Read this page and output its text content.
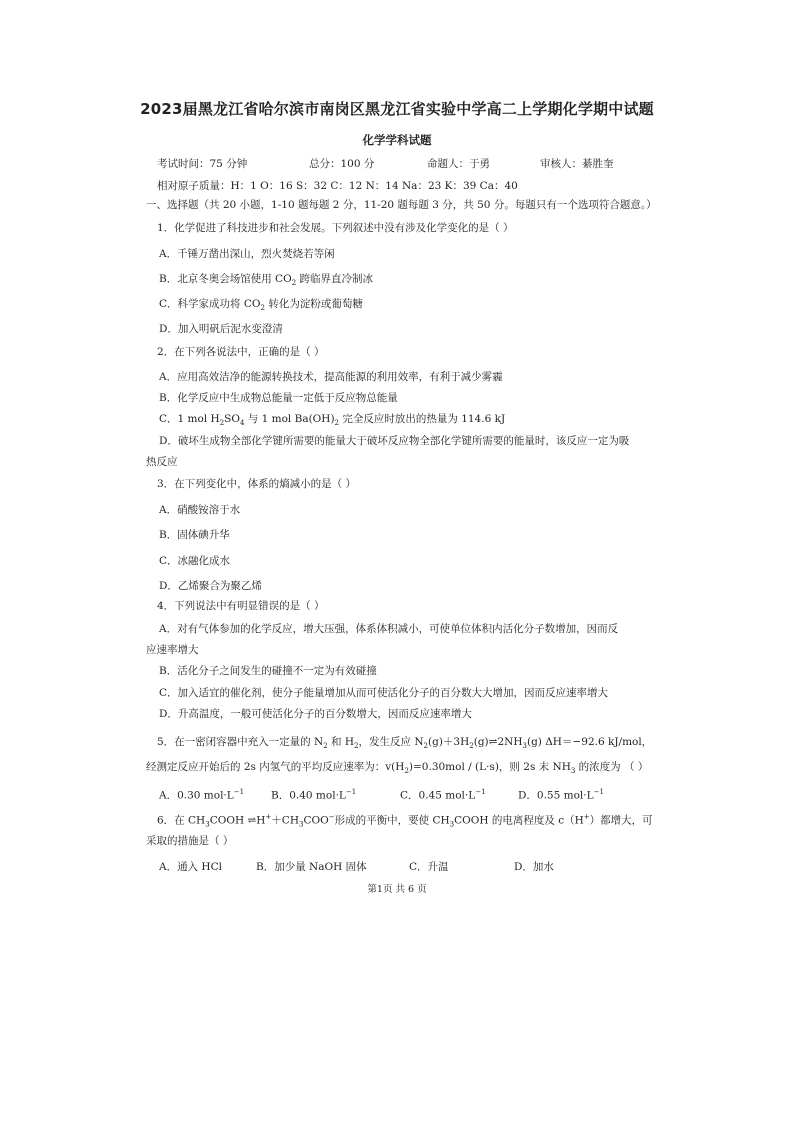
2023届黑龙江省哈尔滨市南岗区黑龙江省实验中学高二上学期化学期中试题
化学学科试题
考试时间：75 分钟	总分：100 分	命题人：于勇	审核人：綦胜奎
相对原子质量：H：1 O：16 S：32 C：12 N：14 Na：23 K：39 Ca：40
一、选择题（共 20 小题，1-10 题每题 2 分，11-20 题每题 3 分，共 50 分。每题只有一个选项符合题意。）
1．化学促进了科技进步和社会发展。下列叙述中没有涉及化学变化的是（ ）
A．千锤万凿出深山，烈火焚烧若等闲
B．北京冬奥会场馆使用 $CO_2$ 跨临界直冷制冰
C．科学家成功将 $CO_2$ 转化为淀粉或葡萄糖
D．加入明矾后泥水变澄清
2．在下列各说法中，正确的是（ ）
A．应用高效洁净的能源转换技术，提高能源的利用效率，有利于减少雾霾
B．化学反应中生成物总能量一定低于反应物总能量
C．1 mol $H_2SO_4$ 与 1 mol $Ba(OH)_2$ 完全反应时放出的热量为 114.6 kJ
D．破坏生成物全部化学键所需要的能量大于破坏反应物全部化学键所需要的能量时，该反应一定为吸
热反应
3．在下列变化中，体系的熵减小的是（ ）
A．硝酸铵溶于水
B．固体碘升华
C．冰融化成水
D．乙烯聚合为聚乙烯
4．下列说法中有明显错误的是（ ）
A．对有气体参加的化学反应，增大压强，体系体积减小，可使单位体积内活化分子数增加，因而反
应速率增大
B．活化分子之间发生的碰撞不一定为有效碰撞
C．加入适宜的催化剂，使分子能量增加从而可使活化分子的百分数大大增加，因而反应速率增大
D．升高温度，一般可使活化分子的百分数增大，因而反应速率增大
5．在一密闭容器中充入一定量的 $N_2$ 和 $H_2$，发生反应 $N_2(g)+3H_2(g)\rightleftharpoons 2NH_3(g)$ ΔH＝−92.6 kJ/mol，
经测定反应开始后的 2s 内氢气的平均反应速率为：$v(H_2)=0.30mol / (L\cdot s)$，则 2s 末 $NH_3$ 的浓度为 （ ）
A．0.30 $mol\cdot L^{-1}$	B．0.40 $mol\cdot L^{-1}$	C．0.45 $mol\cdot L^{-1}$	D．0.55 $mol\cdot L^{-1}$
6．在 $CH_3COOH$ $\rightleftharpoons H^++CH_3COO^-$形成的平衡中，要使 $CH_3COOH$ 的电离程度及 c（H+）都增大，可
采取的措施是（ ）
A．通入 HCl	B．加少量 NaOH 固体	C．升温	D．加水
第1页 共 6 页
